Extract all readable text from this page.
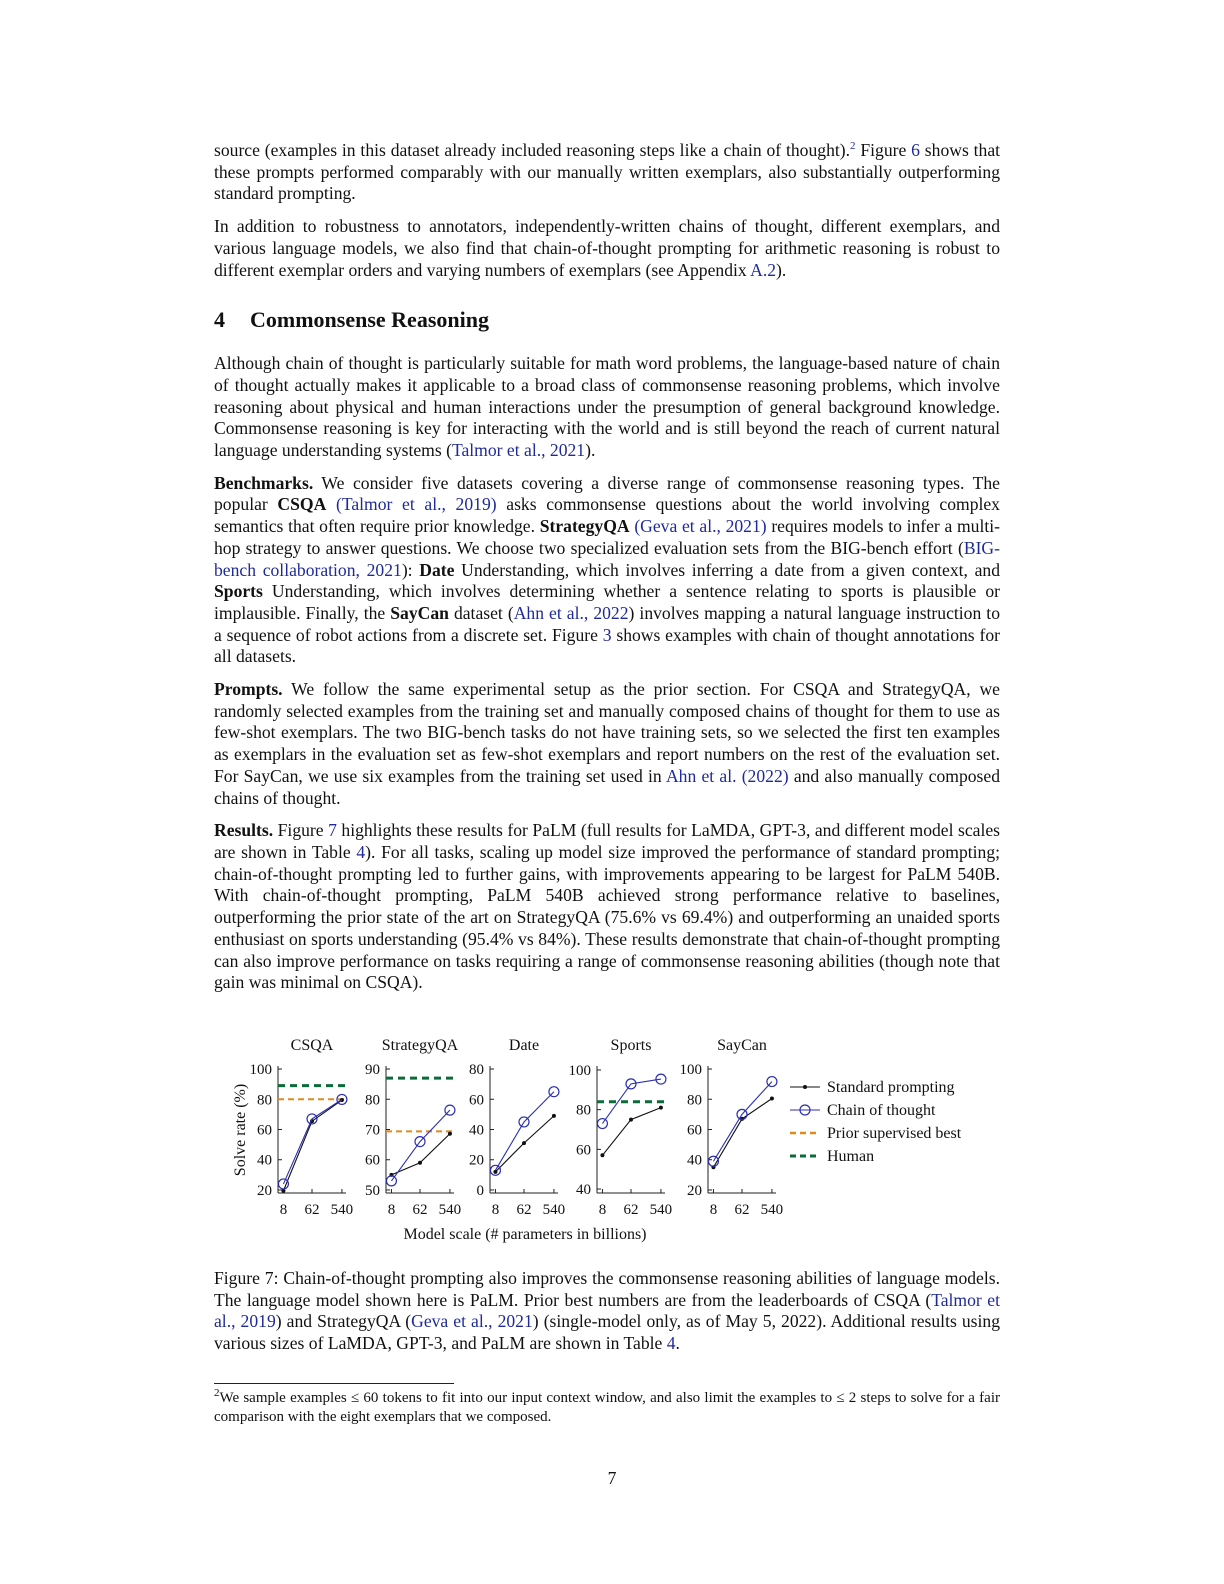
source (examples in this dataset already included reasoning steps like a chain of thought).$^2$ Figure 6 shows that these prompts performed comparably with our manually written exemplars, also substantially outperforming standard prompting.

In addition to robustness to annotators, independently-written chains of thought, different exemplars, and various language models, we also find that chain-of-thought prompting for arithmetic reasoning is robust to different exemplar orders and varying numbers of exemplars (see Appendix A.2).

4 Commonsense Reasoning

Although chain of thought is particularly suitable for math word problems, the language-based nature of chain of thought actually makes it applicable to a broad class of commonsense reasoning problems, which involve reasoning about physical and human interactions under the presumption of general background knowledge. Commonsense reasoning is key for interacting with the world and is still beyond the reach of current natural language understanding systems (Talmor et al., 2021).

Benchmarks. We consider five datasets covering a diverse range of commonsense reasoning types. The popular CSQA (Talmor et al., 2019) asks commonsense questions about the world involving complex semantics that often require prior knowledge. StrategyQA (Geva et al., 2021) requires models to infer a multi-hop strategy to answer questions. We choose two specialized evaluation sets from the BIG-bench effort (BIG-bench collaboration, 2021): Date Understanding, which involves inferring a date from a given context, and Sports Understanding, which involves determining whether a sentence relating to sports is plausible or implausible. Finally, the SayCan dataset (Ahn et al., 2022) involves mapping a natural language instruction to a sequence of robot actions from a discrete set. Figure 3 shows examples with chain of thought annotations for all datasets.

Prompts. We follow the same experimental setup as the prior section. For CSQA and StrategyQA, we randomly selected examples from the training set and manually composed chains of thought for them to use as few-shot exemplars. The two BIG-bench tasks do not have training sets, so we selected the first ten examples as exemplars in the evaluation set as few-shot exemplars and report numbers on the rest of the evaluation set. For SayCan, we use six examples from the training set used in Ahn et al. (2022) and also manually composed chains of thought.

Results. Figure 7 highlights these results for PaLM (full results for LaMDA, GPT-3, and different model scales are shown in Table 4). For all tasks, scaling up model size improved the performance of standard prompting; chain-of-thought prompting led to further gains, with improvements appearing to be largest for PaLM 540B. With chain-of-thought prompting, PaLM 540B achieved strong performance relative to baselines, outperforming the prior state of the art on StrategyQA (75.6% vs 69.4%) and outperforming an unaided sports enthusiast on sports understanding (95.4% vs 84%). These results demonstrate that chain-of-thought prompting can also improve performance on tasks requiring a range of commonsense reasoning abilities (though note that gain was minimal on CSQA).

CSQA
20
40
60
80
100
8 62 540
StrategyQA
50
60
70
80
90
8 62 540
Date
0
20
40
60
80
8 62 540
Sports
40
60
80
100
8 62 540
SayCan
20
40
60
80
100
8 62 540
Solve rate (%)
Model scale (# parameters in billions)
Standard prompting
Chain of thought
Prior supervised best
Human

Figure 7: Chain-of-thought prompting also improves the commonsense reasoning abilities of language models. The language model shown here is PaLM. Prior best numbers are from the leaderboards of CSQA (Talmor et al., 2019) and StrategyQA (Geva et al., 2021) (single-model only, as of May 5, 2022). Additional results using various sizes of LaMDA, GPT-3, and PaLM are shown in Table 4.

$^2$We sample examples ≤ 60 tokens to fit into our input context window, and also limit the examples to ≤ 2 steps to solve for a fair comparison with the eight exemplars that we composed.
7
